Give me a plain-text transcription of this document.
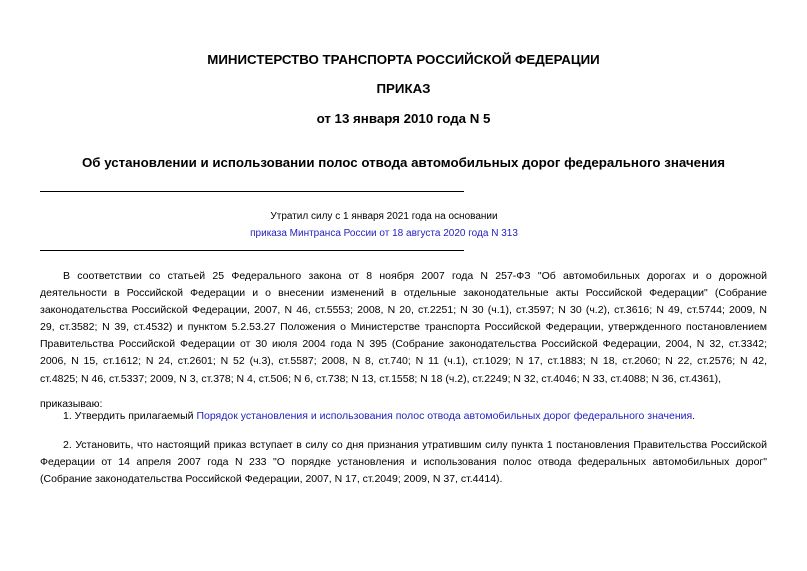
МИНИСТЕРСТВО ТРАНСПОРТА РОССИЙСКОЙ ФЕДЕРАЦИИ
ПРИКАЗ
от 13 января 2010 года N 5
Об установлении и использовании полос отвода автомобильных дорог федерального значения
Утратил силу с 1 января 2021 года на основании
приказа Минтранса России от 18 августа 2020 года N 313
В соответствии со статьей 25 Федерального закона от 8 ноября 2007 года N 257-ФЗ "Об автомобильных дорогах и о дорожной
деятельности в Российской Федерации и о внесении изменений в отдельные законодательные акты Российской Федерации" (Собрание
законодательства Российской Федерации, 2007, N 46, ст.5553; 2008, N 20, ст.2251; N 30 (ч.1), ст.3597; N 30 (ч.2), ст.3616; N 49, ст.5744; 2009, N
29, ст.3582; N 39, ст.4532) и пунктом 5.2.53.27 Положения о Министерстве транспорта Российской Федерации, утвержденного постановлением
Правительства Российской Федерации от 30 июля 2004 года N 395 (Собрание законодательства Российской Федерации, 2004, N 32, ст.3342;
2006, N 15, ст.1612; N 24, ст.2601; N 52 (ч.3), ст.5587; 2008, N 8, ст.740; N 11 (ч.1), ст.1029; N 17, ст.1883; N 18, ст.2060; N 22, ст.2576; N 42,
ст.4825; N 46, ст.5337; 2009, N 3, ст.378; N 4, ст.506; N 6, ст.738; N 13, ст.1558; N 18 (ч.2), ст.2249; N 32, ст.4046; N 33, ст.4088; N 36, ст.4361),
приказываю:
1. Утвердить прилагаемый Порядок установления и использования полос отвода автомобильных дорог федерального значения.
2. Установить, что настоящий приказ вступает в силу со дня признания утратившим силу пункта 1 постановления Правительства Российской
Федерации от 14 апреля 2007 года N 233 "О порядке установления и использования полос отвода федеральных автомобильных дорог"
(Собрание законодательства Российской Федерации, 2007, N 17, ст.2049; 2009, N 37, ст.4414).
